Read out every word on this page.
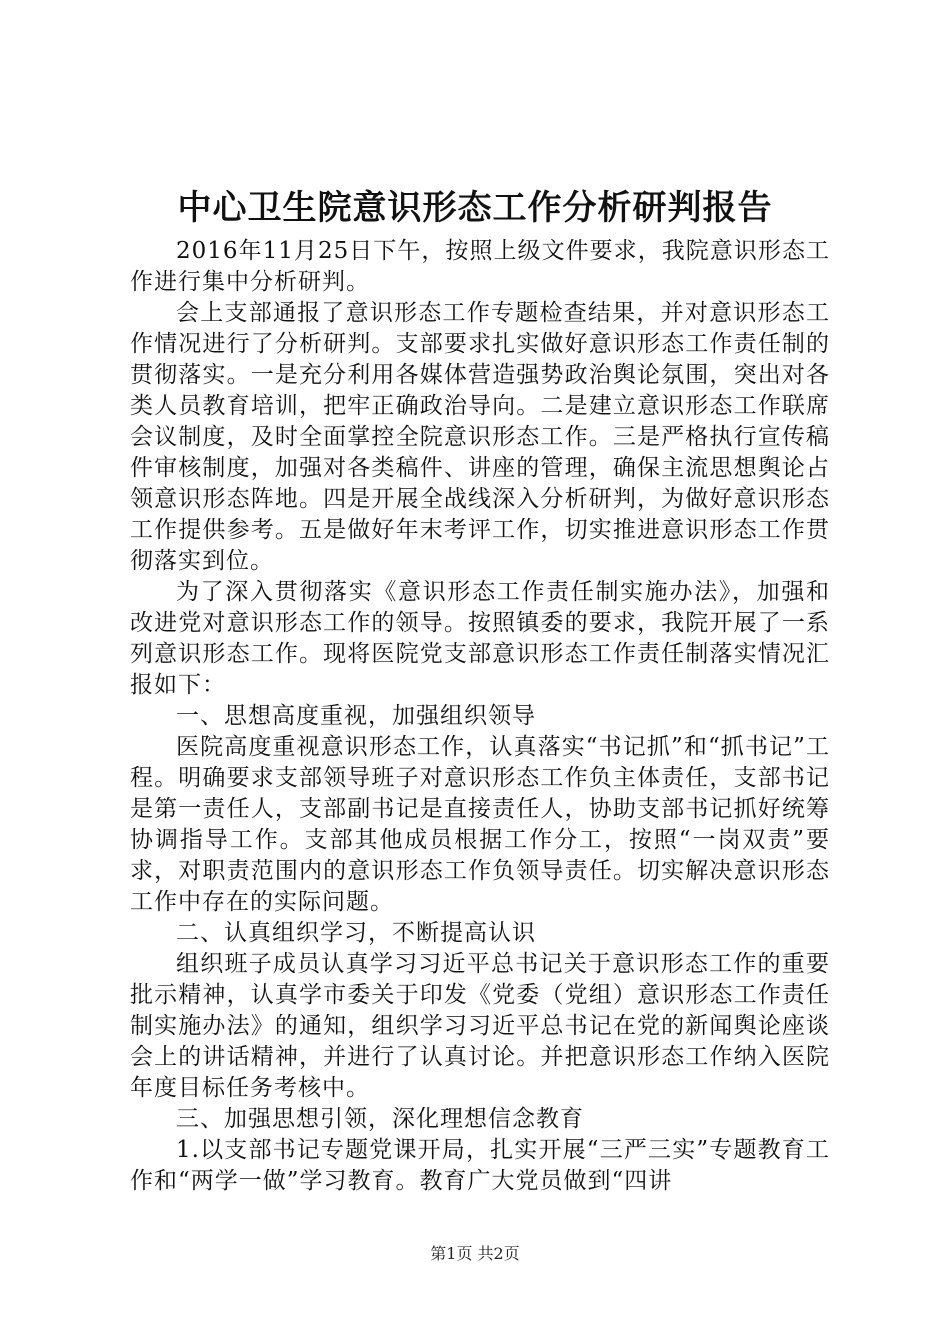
中心卫生院意识形态工作分析研判报告

2016年11月25日下午，按照上级文件要求，我院意识形态工作进行集中分析研判。

会上支部通报了意识形态工作专题检查结果，并对意识形态工作情况进行了分析研判。支部要求扎实做好意识形态工作责任制的贯彻落实。一是充分利用各媒体营造强势政治舆论氛围，突出对各类人员教育培训，把牢正确政治导向。二是建立意识形态工作联席会议制度，及时全面掌控全院意识形态工作。三是严格执行宣传稿件审核制度，加强对各类稿件、讲座的管理，确保主流思想舆论占领意识形态阵地。四是开展全战线深入分析研判，为做好意识形态工作提供参考。五是做好年末考评工作，切实推进意识形态工作贯彻落实到位。

为了深入贯彻落实《意识形态工作责任制实施办法》，加强和改进党对意识形态工作的领导。按照镇委的要求，我院开展了一系列意识形态工作。现将医院党支部意识形态工作责任制落实情况汇报如下：

一、思想高度重视，加强组织领导

医院高度重视意识形态工作，认真落实“书记抓”和“抓书记”工程。明确要求支部领导班子对意识形态工作负主体责任，支部书记是第一责任人，支部副书记是直接责任人，协助支部书记抓好统筹协调指导工作。支部其他成员根据工作分工，按照“一岗双责”要求，对职责范围内的意识形态工作负领导责任。切实解决意识形态工作中存在的实际问题。

二、认真组织学习，不断提高认识

组织班子成员认真学习习近平总书记关于意识形态工作的重要批示精神，认真学市委关于印发《党委（党组）意识形态工作责任制实施办法》的通知，组织学习习近平总书记在党的新闻舆论座谈会上的讲话精神，并进行了认真讨论。并把意识形态工作纳入医院年度目标任务考核中。

三、加强思想引领，深化理想信念教育

1.以支部书记专题党课开局，扎实开展“三严三实”专题教育工作和“两学一做”学习教育。教育广大党员做到“四讲

第1页 共2页
